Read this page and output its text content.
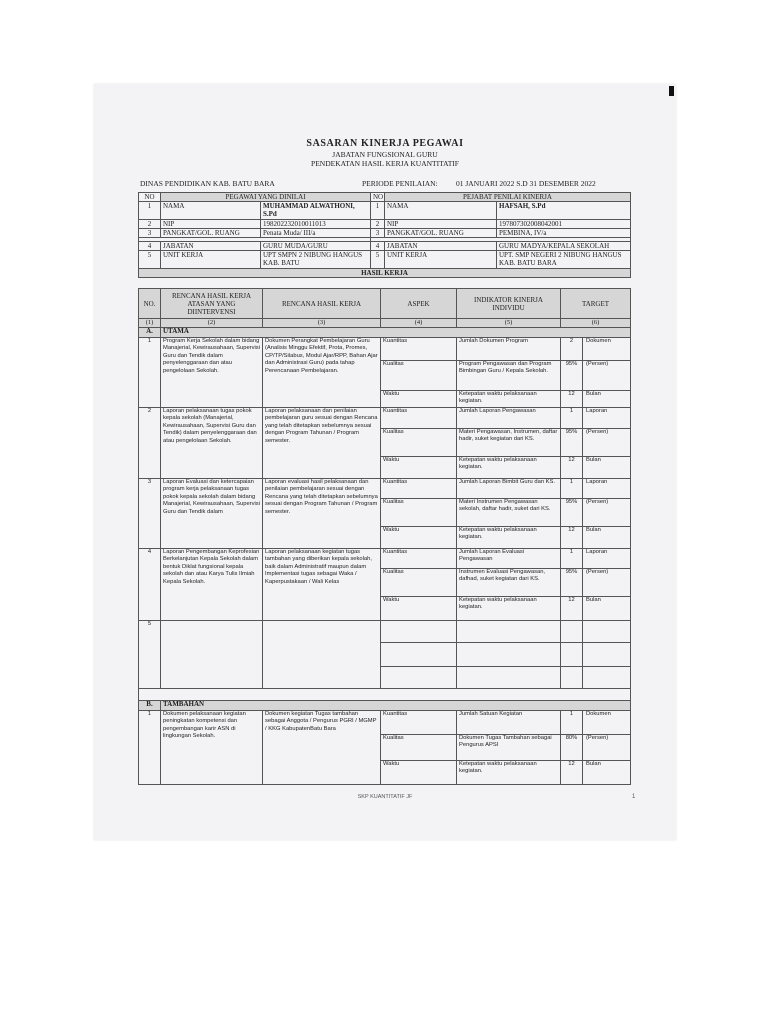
SASARAN KINERJA PEGAWAI
JABATAN FUNGSIONAL GURU
PENDEKATAN HASIL KERJA KUANTITATIF
DINAS PENDIDIKAN KAB. BATU BARA	PERIODE PENILAIAN: 01 JANUARI 2022 S.D 31 DESEMBER 2022
NO	PEGAWAI YANG DINILAI		NO	PEJABAT PENILAI KINERJA	
1	NAMA	MUHAMMAD ALWATHONI, S.Pd	1	NAMA	HAFSAH, S.Pd
2	NIP	198202232010011013	2	NIP	197807302008042001
3	PANGKAT/GOL. RUANG	Penata Muda/ III/a	3	PANGKAT/GOL. RUANG	PEMBINA, IV/a

4	JABATAN	GURU MUDA/GURU	4	JABATAN	GURU MADYA/KEPALA SEKOLAH
5	UNIT KERJA	UPT SMPN 2 NIBUNG HANGUS KAB. BATU	5	UNIT KERJA	UPT. SMP NEGERI 2 NIBUNG HANGUS KAB. BATU BARA
HASIL KERJA					
NO.	RENCANA HASIL KERJA ATASAN YANG DIINTERVENSI	RENCANA HASIL KERJA	ASPEK	INDIKATOR KINERJA INDIVIDU	TARGET	
(1)	(2)	(3)	(4)	(5)	(6)	
A.	UTAMA					
1	Program Kerja Sekolah dalam bidang Manajerial, Kewirausahaan, Supervisi Guru dan Tendik dalam penyelenggaraan dan atau pengelolaan Sekolah.	Dokumen Perangkat Pembelajaran Guru (Analisis Minggu Efektif, Prota, Promes, CP/TP/Silabus, Modul Ajar/RPP, Bahan Ajar dan Administrasi Guru) pada tahap Perencanaan Pembelajaran.	Kuantitas	Jumlah Dokumen Program	2	Dokumen
			Kualitas	Program Pengawasan dan Program Bimbingan Guru / Kepala Sekolah.	95%	(Persen)
			Waktu	Ketepatan waktu pelaksanaan kegiatan.	12	Bulan
2	Laporan pelaksanaan tugas pokok kepala sekolah (Manajerial, Kewirausahaan, Supervisi Guru dan Tendik) dalam penyelenggaraan dan atau pengelolaan Sekolah.	Laporan pelaksanaan dan penilaian pembelajaran guru sesuai dengan Rencana yang telah ditetapkan sebelumnya sesuai dengan Program Tahunan / Program semester.	Kuantitas	Jumlah Laporan Pengawasan	1	Laporan
			Kualitas	Materi Pengawasan, Instrumen, daftar hadir, suket kegiatan dari KS.	95%	(Persen)
			Waktu	Ketepatan waktu pelaksanaan kegiatan.	12	Bulan
3	Laporan Evaluasi dan ketercapaian program kerja pelaksanaan tugas pokok kepala sekolah dalam bidang Manajerial, Kewirausahaan, Supervisi Guru dan Tendik dalam	Laporan evaluasi hasil pelaksanaan dan penilaian pembelajaran sesuai dengan Rencana yang telah ditetapkan sebelumnya sesuai dengan Program Tahunan / Program semester.	Kuantitas	Jumlah Laporan Bimbit Guru dan KS.	1	Laporan
			Kualitas	Materi Instrumen Pengawasan sekolah, daftar hadir, suket dari KS.	95%	(Persen)
			Waktu	Ketepatan waktu pelaksanaan kegiatan.	12	Bulan
4	Laporan Pengembangan Keprofesian Berkelanjutan Kepala Sekolah dalam bentuk Diklat fungsional kepala sekolah dan atau Karya Tulis Ilmiah Kepala Sekolah.	Laporan pelaksanaan kegiatan tugas tambahan yang diberikan kepala sekolah, baik dalam Administratif maupun dalam Implementasi tugas sebagai Waka / Kaperpustakaan / Wali Kelas	Kuantitas	Jumlah Laporan Evaluasi Pengawasan	1	Laporan
			Kualitas	Instrumen Evaluasi Pengawasan, dafhad, suket kegiatan dari KS.	95%	(Persen)
			Waktu	Ketepatan waktu pelaksanaan kegiatan.	12	Bulan
5						

B.	TAMBAHAN					
1	Dokumen pelaksanaan kegiatan peningkatan kompetensi dan pengembangan karir ASN di lingkungan Sekolah.	Dokumen kegiatan Tugas tambahan sebagai Anggota / Pengurus PGRI / MGMP / KKG KabupatenBatu Bara	Kuantitas	Jumlah Satuan Kegiatan	1	Dokumen
			Kualitas	Dokumen Tugas Tambahan sebagai Pengurus APSI	80%	(Persen)
			Waktu	Ketepatan waktu pelaksanaan kegiatan.	12	Bulan
SKP KUANTITATIF JF	1
